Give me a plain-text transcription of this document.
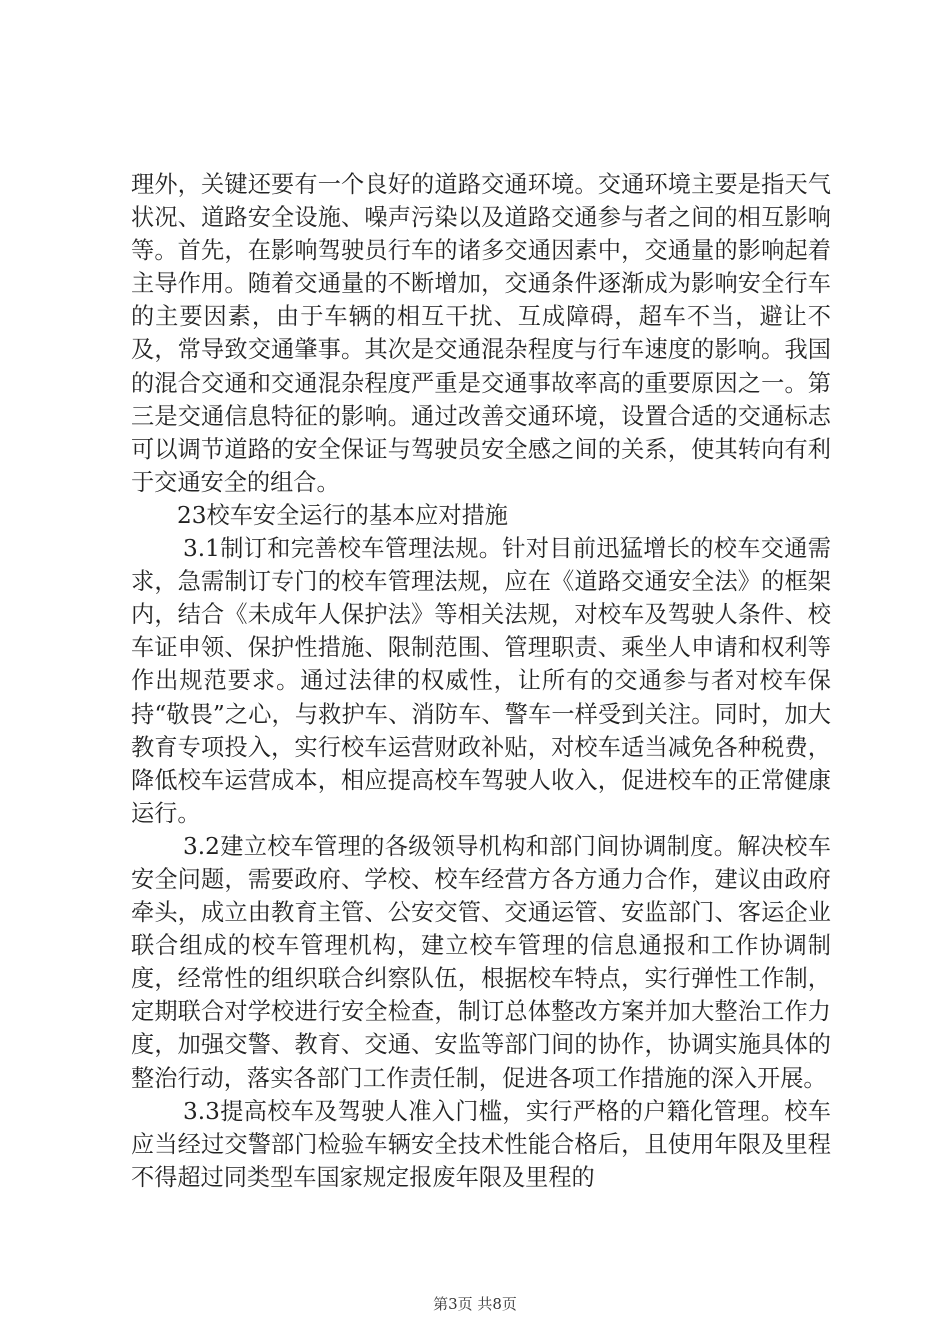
理外，关键还要有一个良好的道路交通环境。交通环境主要是指天气状况、道路安全设施、噪声污染以及道路交通参与者之间的相互影响等。首先，在影响驾驶员行车的诸多交通因素中，交通量的影响起着主导作用。随着交通量的不断增加，交通条件逐渐成为影响安全行车的主要因素，由于车辆的相互干扰、互成障碍，超车不当，避让不及，常导致交通肇事。其次是交通混杂程度与行车速度的影响。我国的混合交通和交通混杂程度严重是交通事故率高的重要原因之一。第三是交通信息特征的影响。通过改善交通环境，设置合适的交通标志可以调节道路的安全保证与驾驶员安全感之间的关系，使其转向有利于交通安全的组合。

23校车安全运行的基本应对措施

3.1制订和完善校车管理法规。针对目前迅猛增长的校车交通需求，急需制订专门的校车管理法规，应在《道路交通安全法》的框架内，结合《未成年人保护法》等相关法规，对校车及驾驶人条件、校车证申领、保护性措施、限制范围、管理职责、乘坐人申请和权利等作出规范要求。通过法律的权威性，让所有的交通参与者对校车保持“敬畏”之心，与救护车、消防车、警车一样受到关注。同时，加大教育专项投入，实行校车运营财政补贴，对校车适当减免各种税费，降低校车运营成本，相应提高校车驾驶人收入，促进校车的正常健康运行。

3.2建立校车管理的各级领导机构和部门间协调制度。解决校车安全问题，需要政府、学校、校车经营方各方通力合作，建议由政府牵头，成立由教育主管、公安交管、交通运管、安监部门、客运企业联合组成的校车管理机构，建立校车管理的信息通报和工作协调制度，经常性的组织联合纠察队伍，根据校车特点，实行弹性工作制，定期联合对学校进行安全检查，制订总体整改方案并加大整治工作力度，加强交警、教育、交通、安监等部门间的协作，协调实施具体的整治行动，落实各部门工作责任制，促进各项工作措施的深入开展。

3.3提高校车及驾驶人准入门槛，实行严格的户籍化管理。校车应当经过交警部门检验车辆安全技术性能合格后，且使用年限及里程不得超过同类型车国家规定报废年限及里程的

第3页 共8页
